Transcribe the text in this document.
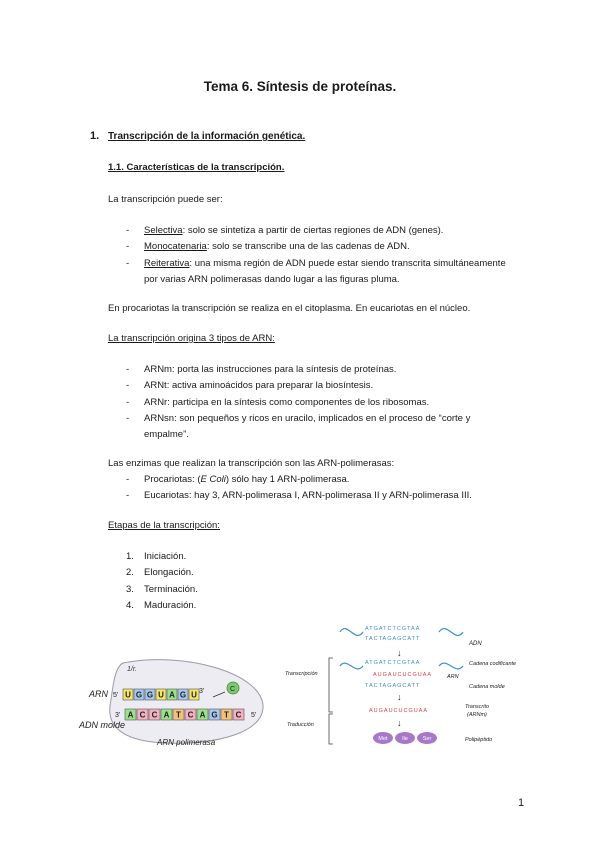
Tema 6. Síntesis de proteínas.
1. Transcripción de la información genética.
1.1. Características de la transcripción.
La transcripción puede ser:
- Selectiva: solo se sintetiza a partir de ciertas regiones de ADN (genes).
- Monocatenaria: solo se transcribe una de las cadenas de ADN.
- Reiterativa: una misma región de ADN puede estar siendo transcrita simultáneamente por varias ARN polimerasas dando lugar a las figuras pluma.
En procariotas la transcripción se realiza en el citoplasma. En eucariotas en el núcleo.
La transcripción origina 3 tipos de ARN:
- ARNm: porta las instrucciones para la síntesis de proteínas.
- ARNt: activa aminoácidos para preparar la biosíntesis.
- ARNr: participa en la síntesis como componentes de los ribosomas.
- ARNsn: son pequeños y ricos en uracilo, implicados en el proceso de “corte y empalme”.
Las enzimas que realizan la transcripción son las ARN-polimerasas:
- Procariotas: (E Coli) sólo hay 1 ARN-polimerasa.
- Eucariotas: hay 3, ARN-polimerasa I, ARN-polimerasa II y ARN-polimerasa III.
Etapas de la transcripción:
1. Iniciación.
2. Elongación.
3. Terminación.
4. Maduración.
1/r.
ARN 5' U G G U A G U 3'	C
3' A C C A T C A G T C 5'
ADN molde
ARN polimerasa
ATGATCTCGTAA
TACTAGAGCATT
ADN
↓
ATGATCTCGTAA
AUGAUCUCGUAA
TACTAGAGCATT
Cadena codificante
ARN
Cadena molde
Transcripción
↓
AUGAUCUCGUAA
Transcrito
(ARNm)
Traducción	↓
Met	Ile	Ser	Polipéptido
1
